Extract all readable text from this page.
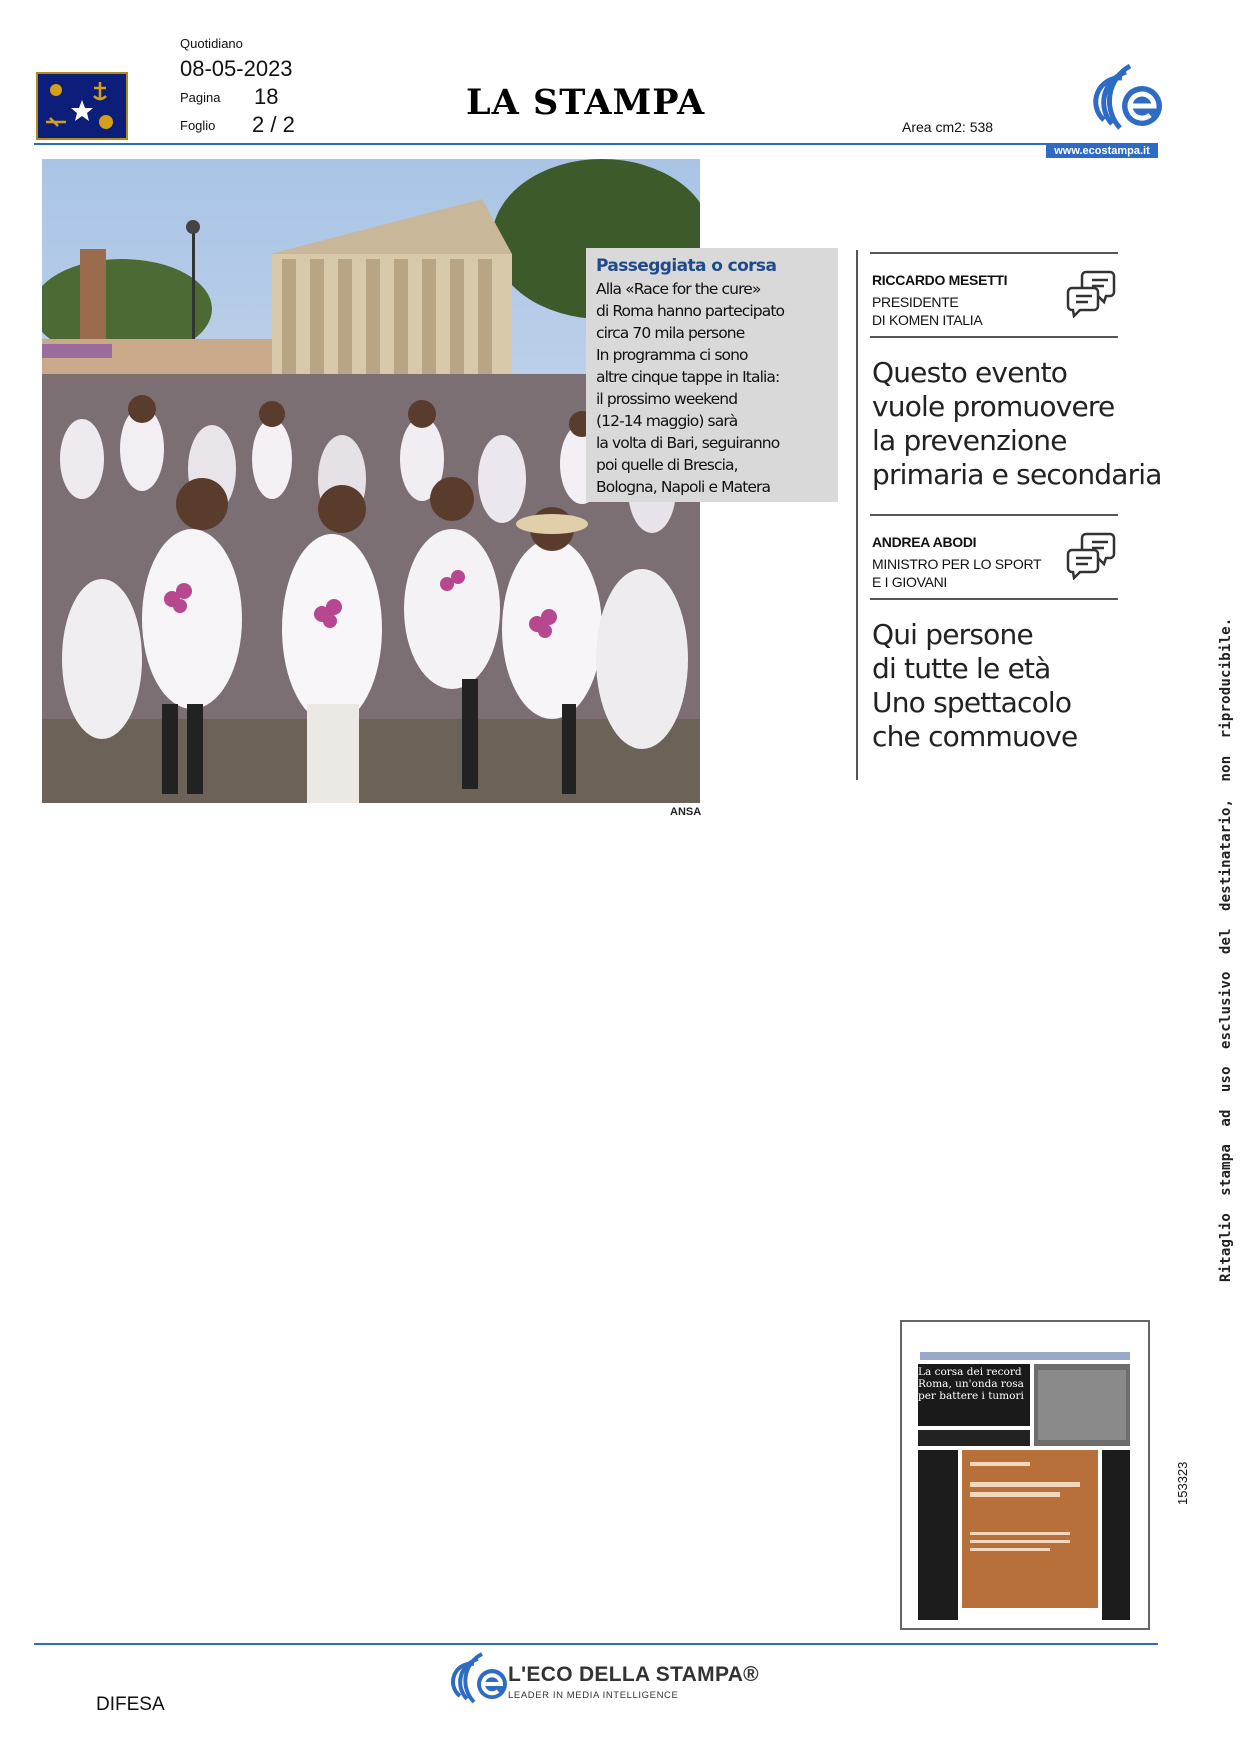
Quotidiano
08-05-2023
Pagina 18
Foglio 2 / 2
LA STAMPA
Area cm2: 538
www.ecostampa.it
Passeggiata o corsa
Alla «Race for the cure»
di Roma hanno partecipato
circa 70 mila persone
In programma ci sono
altre cinque tappe in Italia:
il prossimo weekend
(12-14 maggio) sarà
la volta di Bari, seguiranno
poi quelle di Brescia,
Bologna, Napoli e Matera
ANSA
RICCARDO MESETTI
PRESIDENTE
DI KOMEN ITALIA
Questo evento
vuole promuovere
la prevenzione
primaria e secondaria
ANDREA ABODI
MINISTRO PER LO SPORT
E I GIOVANI
Qui persone
di tutte le età
Uno spettacolo
che commuove	Ritaglio  stampa  ad  uso  esclusivo  del  destinatario,  non  riproducibile.
153323
La corsa dei record
Roma, un'onda rosa
per battere i tumori
L'ECO DELLA STAMPA®
LEADER IN MEDIA INTELLIGENCE
DIFESA
